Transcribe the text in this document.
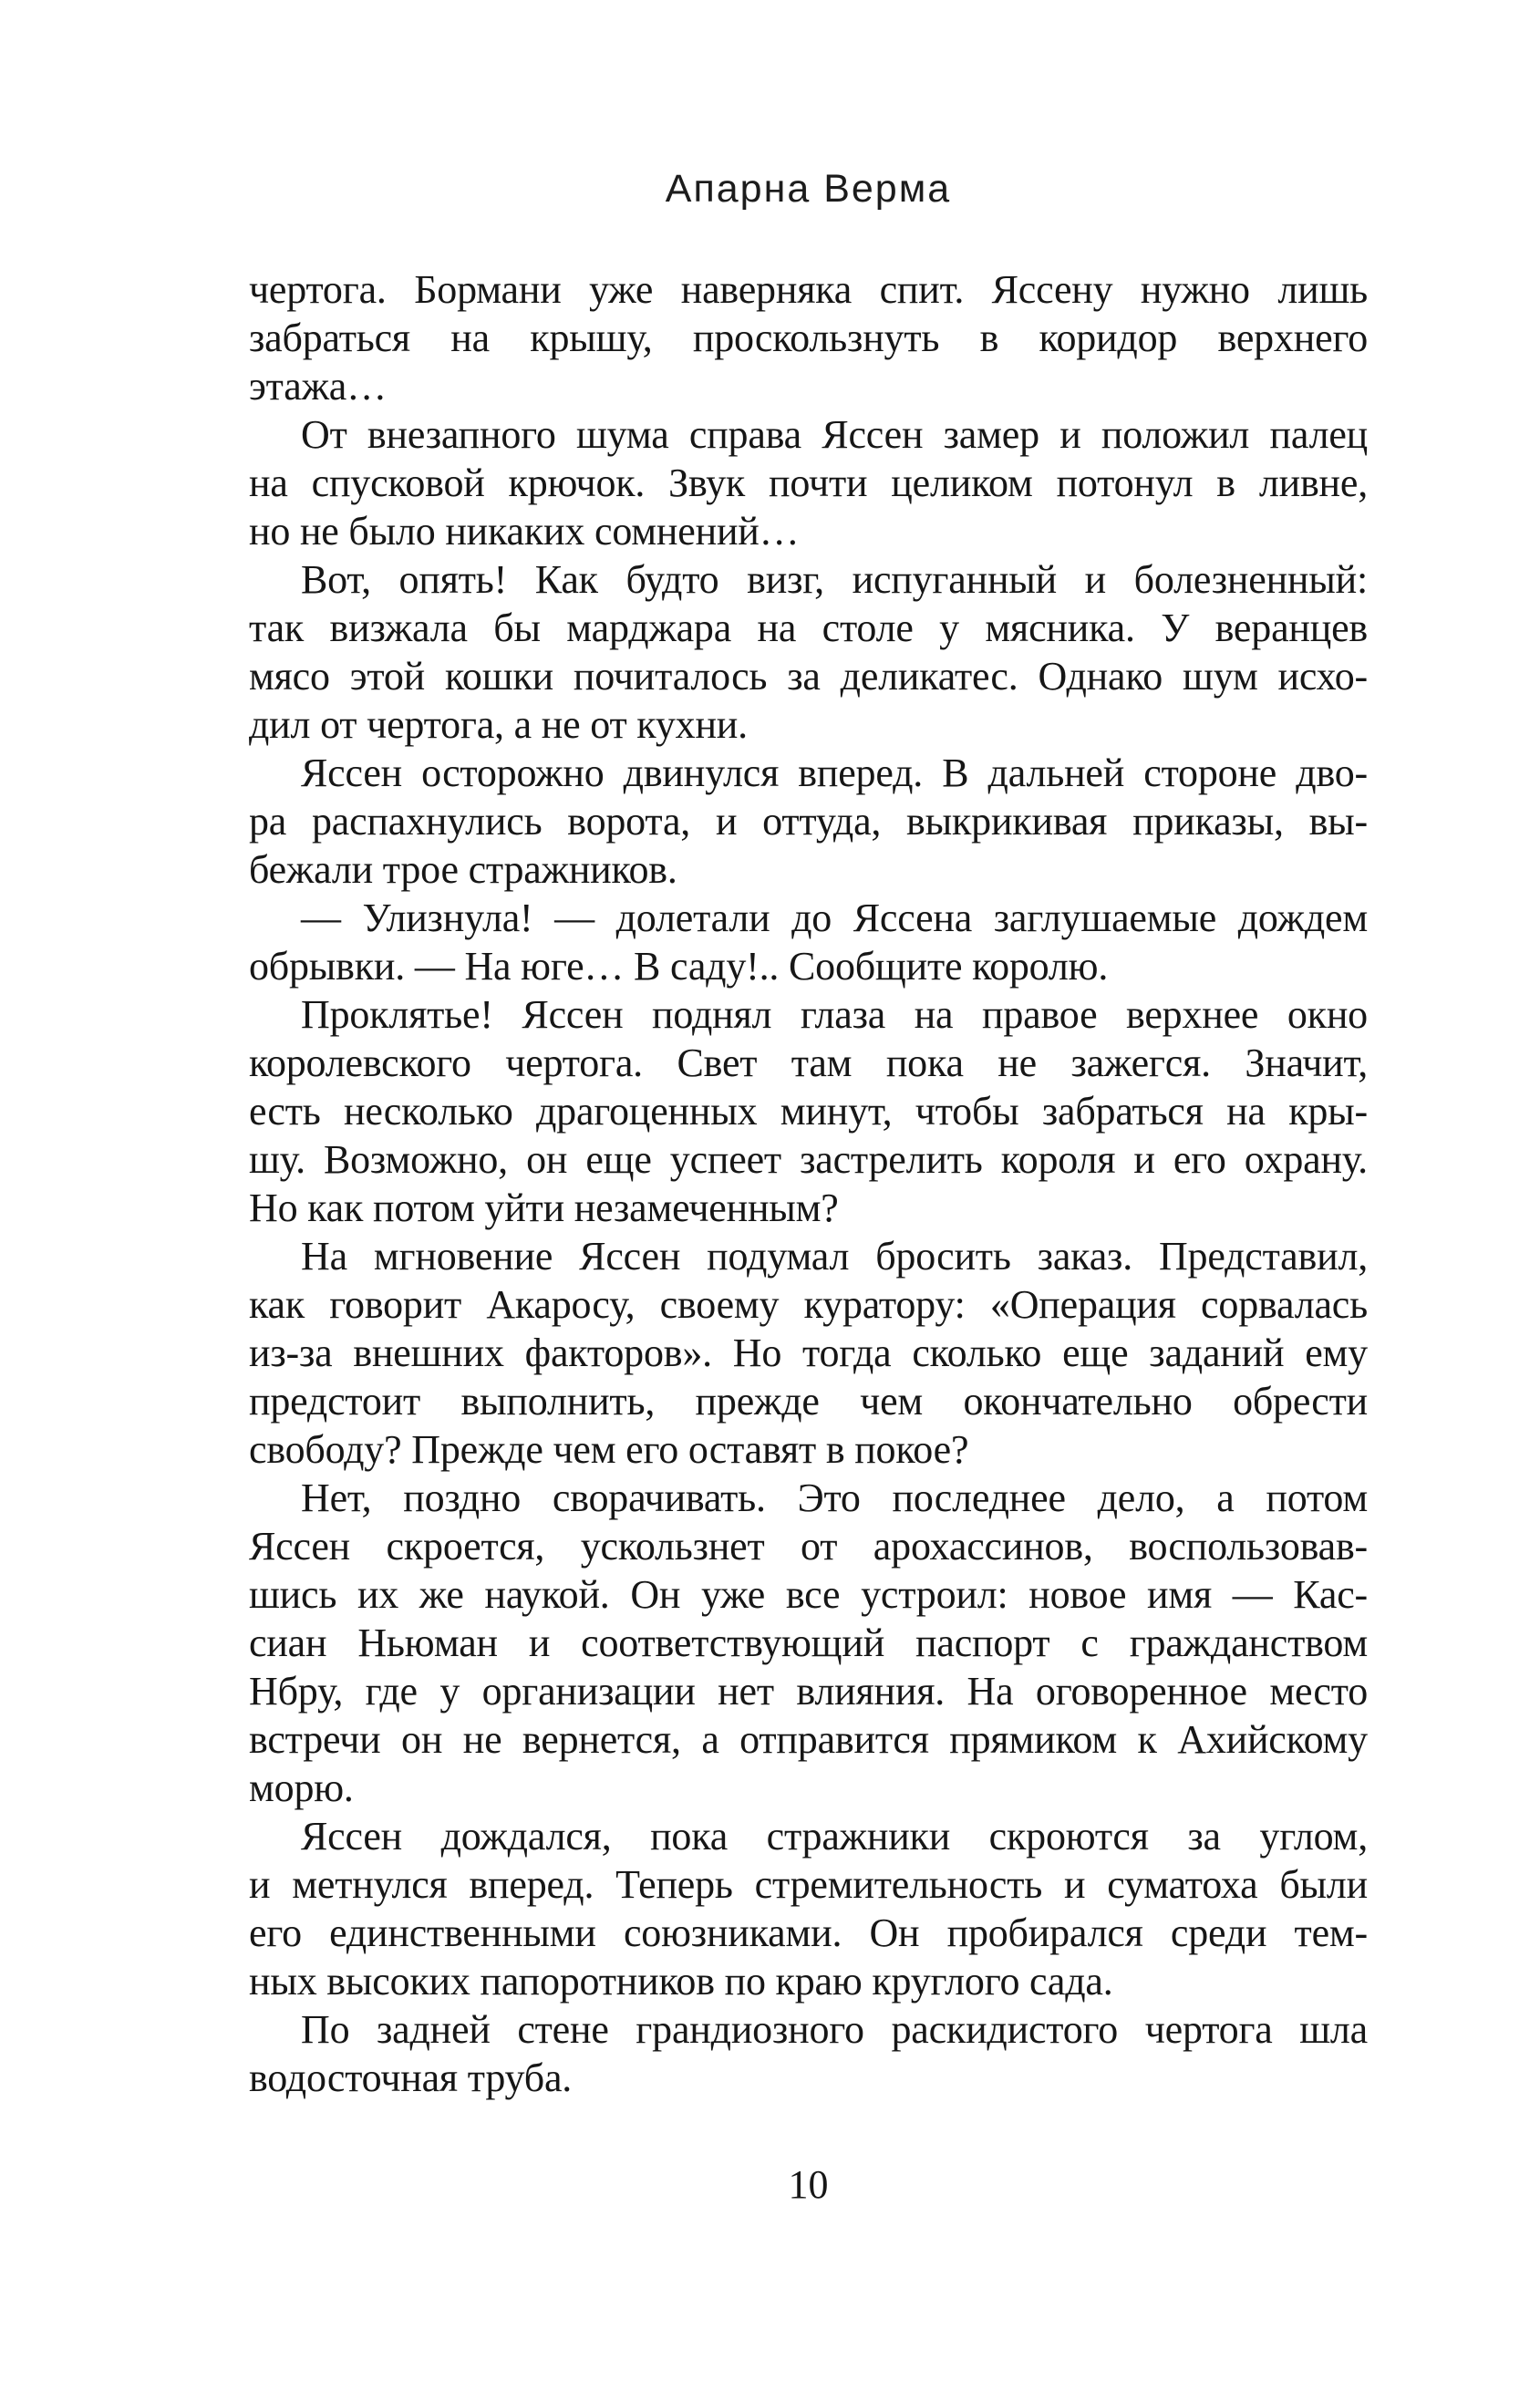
Апарна Верма

чертога. Бормани уже наверняка спит. Яссену нужно лишь
забраться на крышу, проскользнуть в коридор верхнего
этажа…

От внезапного шума справа Яссен замер и положил палец
на спусковой крючок. Звук почти целиком потонул в ливне,
но не было никаких сомнений…

Вот, опять! Как будто визг, испуганный и болезненный:
так визжала бы марджара на столе у мясника. У веранцев
мясо этой кошки почиталось за деликатес. Однако шум исхо-
дил от чертога, а не от кухни.

Яссен осторожно двинулся вперед. В дальней стороне дво-
ра распахнулись ворота, и оттуда, выкрикивая приказы, вы-
бежали трое стражников.

— Улизнула! — долетали до Яссена заглушаемые дождем
обрывки. — На юге… В саду!.. Сообщите королю.

Проклятье! Яссен поднял глаза на правое верхнее окно
королевского чертога. Свет там пока не зажегся. Значит,
есть несколько драгоценных минут, чтобы забраться на кры-
шу. Возможно, он еще успеет застрелить короля и его охрану.
Но как потом уйти незамеченным?

На мгновение Яссен подумал бросить заказ. Представил,
как говорит Акаросу, своему куратору: «Операция сорвалась
из-за внешних факторов». Но тогда сколько еще заданий ему
предстоит выполнить, прежде чем окончательно обрести
свободу? Прежде чем его оставят в покое?

Нет, поздно сворачивать. Это последнее дело, а потом
Яссен скроется, ускользнет от арохассинов, воспользовав-
шись их же наукой. Он уже все устроил: новое имя — Кас-
сиан Ньюман и соответствующий паспорт с гражданством
Нбру, где у организации нет влияния. На оговоренное место
встречи он не вернется, а отправится прямиком к Ахийскому
морю.

Яссен дождался, пока стражники скроются за углом,
и метнулся вперед. Теперь стремительность и суматоха были
его единственными союзниками. Он пробирался среди тем-
ных высоких папоротников по краю круглого сада.

По задней стене грандиозного раскидистого чертога шла
водосточная труба.

10
